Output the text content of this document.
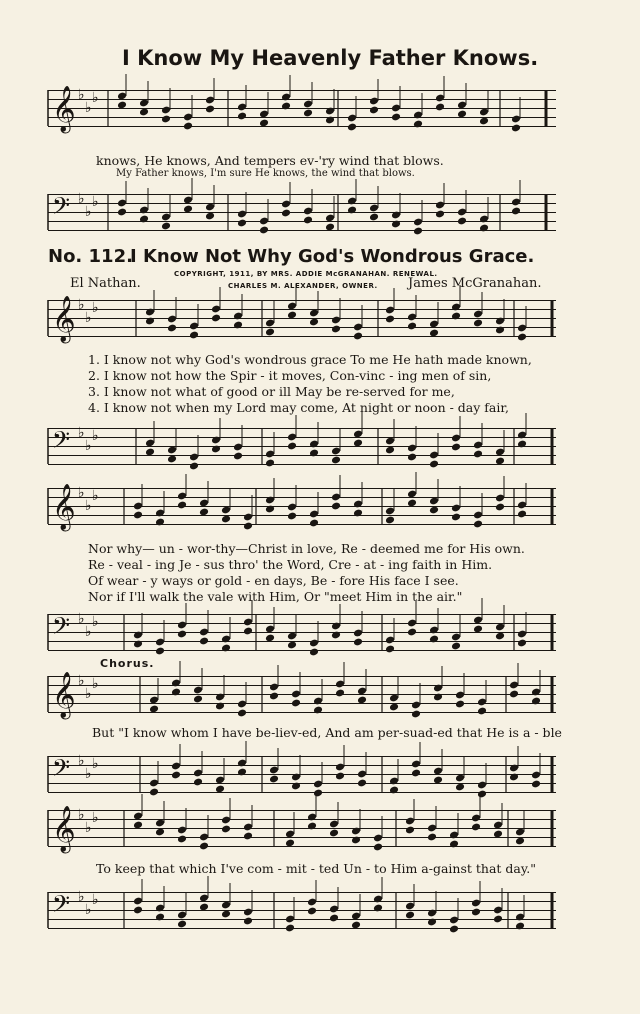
I Know My Heavenly Father Knows.
knows, He knows, And tempers ev-'ry wind that blows.
My Father knows, I'm sure He knows, the wind that blows.
No. 112.
I Know Not Why God's Wondrous Grace.
COPYRIGHT, 1911, BY MRS. ADDIE McGRANAHAN. RENEWAL.
CHARLES M. ALEXANDER, OWNER.
El Nathan.	James McGranahan.
1. I know not why God's wondrous grace To me He hath made known,
2. I know not how the Spir - it moves, Con-vinc - ing men of sin,
3. I know not what of good or ill May be re-served for me,
4. I know not when my Lord may come, At night or noon - day fair,
Nor why— un - wor-thy—Christ in love, Re - deemed me for His own.
Re - veal - ing Je - sus thro' the Word, Cre - at - ing faith in Him.
Of wear - y ways or gold - en days, Be - fore His face I see.
Nor if I'll walk the vale with Him, Or "meet Him in the air."
Chorus.
But "I know whom I have be-liev-ed, And am per-suad-ed that He is a - ble
To keep that which I've com - mit - ted Un - to Him a-gainst that day."
𝄞 ♭
♭
♭
𝄢 ♭
♭
♭
𝄞 ♭
♭
♭
𝄢 ♭
♭
♭
𝄞 ♭
♭
♭
𝄢 ♭
♭
♭
𝄞 ♭
♭
♭
𝄢 ♭
♭
♭
𝄞 ♭
♭
♭
𝄢 ♭
♭
♭
